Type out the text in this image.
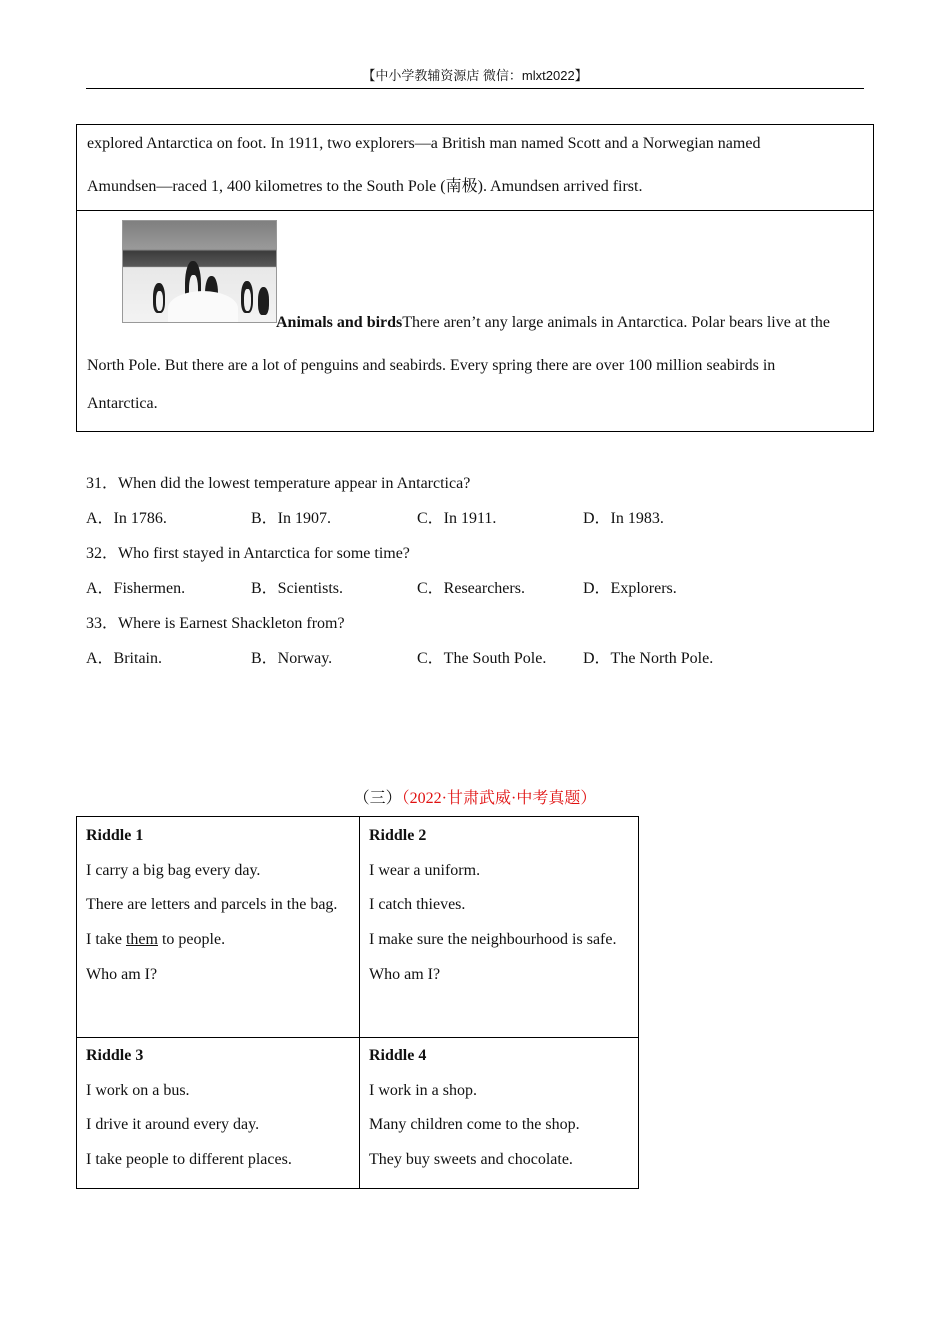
【中小学教辅资源店 微信：mlxt2022】

explored Antarctica on foot. In 1911, two explorers—a British man named Scott and a Norwegian named

Amundsen—raced 1, 400 kilometres to the South Pole (南极). Amundsen arrived first.

Animals and birdsThere aren’t any large animals in Antarctica. Polar bears live at the

North Pole. But there are a lot of penguins and seabirds. Every spring there are over 100 million seabirds in

Antarctica.

31．When did the lowest temperature appear in Antarctica?
A．In 1786.	B．In 1907.	C．In 1911.	D．In 1983.
32．Who first stayed in Antarctica for some time?
A．Fishermen.	B．Scientists.	C．Researchers.	D．Explorers.
33．Where is Earnest Shackleton from?
A．Britain.	B．Norway.	C．The South Pole. D．The North Pole.
（三）（2022·甘肃武威·中考真题）
Riddle 1
I carry a big bag every day.
There are letters and parcels in the bag.
I take them to people.
Who am I?
Riddle 2
I wear a uniform.
I catch thieves.
I make sure the neighbourhood is safe.
Who am I?
Riddle 3
I work on a bus.
I drive it around every day.
I take people to different places.
Riddle 4
I work in a shop.
Many children come to the shop.
They buy sweets and chocolate.
